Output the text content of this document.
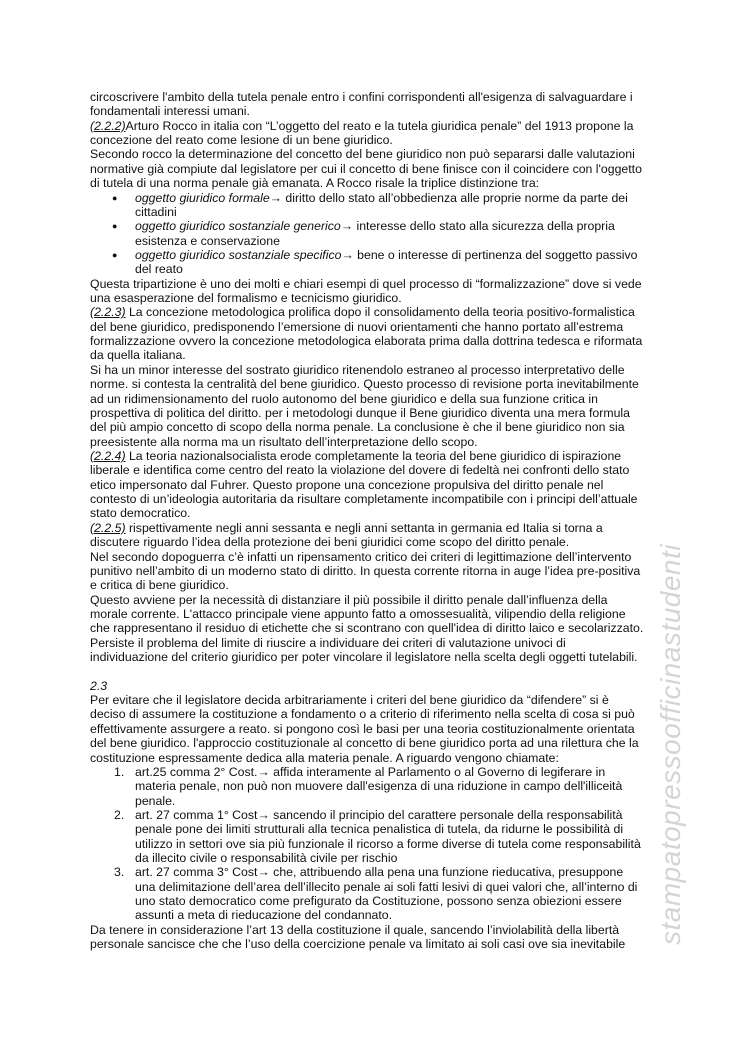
circoscrivere l'ambito della tutela penale entro i confini corrispondenti all'esigenza di salvaguardare i
fondamentali interessi umani.
(2.2.2)Arturo Rocco in italia con “L’oggetto del reato e la tutela giuridica penale” del 1913 propone la
concezione del reato come lesione di un bene giuridico.
Secondo rocco la determinazione del concetto del bene giuridico non può separarsi dalle valutazioni
normative già compiute dal legislatore per cui il concetto di bene finisce con il coincidere con l'oggetto
di tutela di una norma penale già emanata. A Rocco risale la triplice distinzione tra:
● oggetto giuridico formale→ diritto dello stato all’obbedienza alle proprie norme da parte dei
cittadini
● oggetto giuridico sostanziale generico→ interesse dello stato alla sicurezza della propria
esistenza e conservazione
● oggetto giuridico sostanziale specifico→ bene o interesse di pertinenza del soggetto passivo
del reato
Questa tripartizione è uno dei molti e chiari esempi di quel processo di “formalizzazione” dove si vede
una esasperazione del formalismo e tecnicismo giuridico.
(2.2.3) La concezione metodologica prolifica dopo il consolidamento della teoria positivo-formalistica
del bene giuridico, predisponendo l’emersione di nuovi orientamenti che hanno portato all’estrema
formalizzazione ovvero la concezione metodologica elaborata prima dalla dottrina tedesca e riformata
da quella italiana.
Si ha un minor interesse del sostrato giuridico ritenendolo estraneo al processo interpretativo delle
norme. si contesta la centralità del bene giuridico. Questo processo di revisione porta inevitabilmente
ad un ridimensionamento del ruolo autonomo del bene giuridico e della sua funzione critica in
prospettiva di politica del diritto. per i metodologi dunque il Bene giuridico diventa una mera formula
del più ampio concetto di scopo della norma penale. La conclusione è che il bene giuridico non sia
preesistente alla norma ma un risultato dell’interpretazione dello scopo.
(2.2.4) La teoria nazionalsocialista erode completamente la teoria del bene giuridico di ispirazione
liberale e identifica come centro del reato la violazione del dovere di fedeltà nei confronti dello stato
etico impersonato dal Fuhrer. Questo propone una concezione propulsiva del diritto penale nel
contesto di un’ideologia autoritaria da risultare completamente incompatibile con i principi dell’attuale
stato democratico.
(2.2.5) rispettivamente negli anni sessanta e negli anni settanta in germania ed Italia si torna a
discutere riguardo l’idea della protezione dei beni giuridici come scopo del diritto penale.
Nel secondo dopoguerra c’è infatti un ripensamento critico dei criteri di legittimazione dell’intervento
punitivo nell’ambito di un moderno stato di diritto. In questa corrente ritorna in auge l’idea pre-positiva
e critica di bene giuridico.
Questo avviene per la necessità di distanziare il più possibile il diritto penale dall’influenza della
morale corrente. L'attacco principale viene appunto fatto a omossesualità, vilipendio della religione
che rappresentano il residuo di etichette che si scontrano con quell'idea di diritto laico e secolarizzato.
Persiste il problema del limite di riuscire a individuare dei criteri di valutazione univoci di
individuazione del criterio giuridico per poter vincolare il legislatore nella scelta degli oggetti tutelabili.
2.3
Per evitare che il legislatore decida arbitrariamente i criteri del bene giuridico da “difendere” si è
deciso di assumere la costituzione a fondamento o a criterio di riferimento nella scelta di cosa si può
effettivamente assurgere a reato. si pongono così le basi per una teoria costituzionalmente orientata
del bene giuridico. l'approccio costituzionale al concetto di bene giuridico porta ad una rilettura che la
costituzione espressamente dedica alla materia penale. A riguardo vengono chiamate:
1. art.25 comma 2° Cost.→ affida interamente al Parlamento o al Governo di legiferare in
materia penale, non può non muovere dall'esigenza di una riduzione in campo dell'illiceità
penale.
2. art. 27 comma 1° Cost→ sancendo il principio del carattere personale della responsabilità
penale pone dei limiti strutturali alla tecnica penalistica di tutela, da ridurne le possibilità di
utilizzo in settori ove sia più funzionale il ricorso a forme diverse di tutela come responsabilità
da illecito civile o responsabilità civile per rischio
3. art. 27 comma 3° Cost→ che, attribuendo alla pena una funzione rieducativa, presuppone
una delimitazione dell’area dell’illecito penale ai soli fatti lesivi di quei valori che, all’interno di
uno stato democratico come prefigurato da Costituzione, possono senza obiezioni essere
assunti a meta di rieducazione del condannato.
Da tenere in considerazione l’art 13 della costituzione il quale, sancendo l’inviolabilità della libertà
personale sancisce che che l’uso della coercizione penale va limitato ai soli casi ove sia inevitabile	stampatopressoofficinastudenti
